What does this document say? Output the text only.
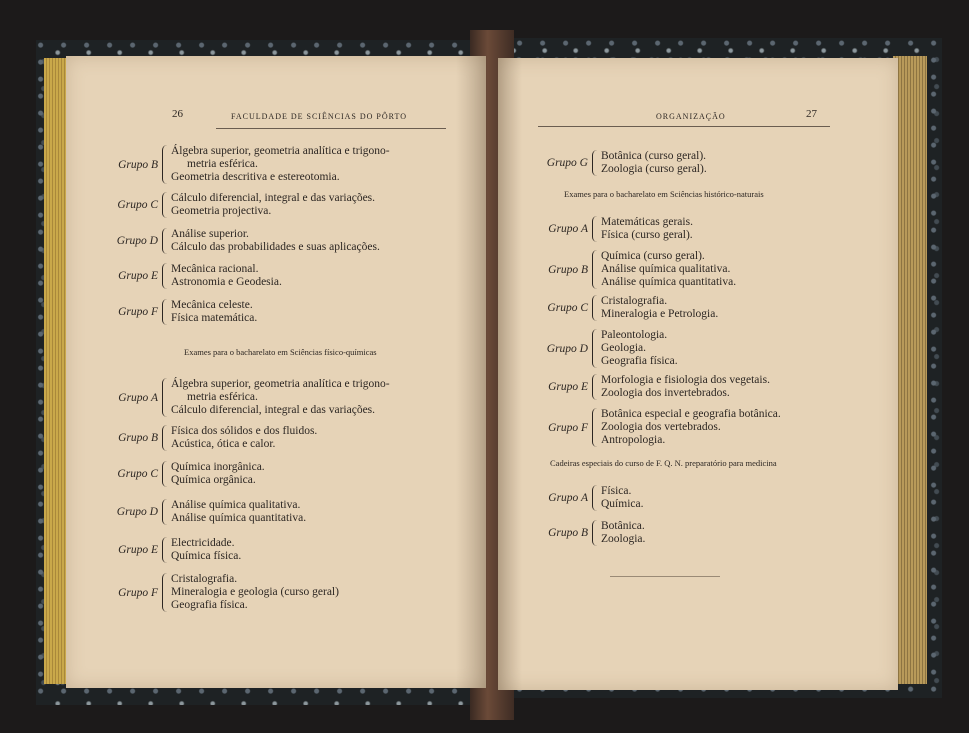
26	FACULDADE DE SCIÊNCIAS DO PÔRTO
Grupo B
Álgebra superior, geometria analítica e trigono-
metria esférica.
Geometria descritiva e estereotomia.
Grupo C
Cálculo diferencial, integral e das variações.
Geometria projectiva.
Grupo D
Análise superior.
Cálculo das probabilidades e suas aplicações.
Grupo E
Mecânica racional.
Astronomia e Geodesia.
Grupo F
Mecânica celeste.
Física matemática.
Exames para o bacharelato em Sciências físico-químicas
Grupo A
Álgebra superior, geometria analítica e trigono-
metria esférica.
Cálculo diferencial, integral e das variações.
Grupo B
Física dos sólidos e dos fluidos.
Acústica, ótica e calor.
Grupo C
Química inorgânica.
Química orgânica.
Grupo D
Análise química qualitativa.
Análise química quantitativa.
Grupo E
Electricidade.
Química física.
Grupo F
Cristalografia.
Mineralogia e geologia (curso geral)
Geografia física.
ORGANIZAÇÃO	27
Grupo G
Botânica (curso geral).
Zoologia (curso geral).
Exames para o bacharelato em Sciências histórico-naturais
Grupo A
Matemáticas gerais.
Física (curso geral).
Grupo B
Química (curso geral).
Análise química qualitativa.
Análise química quantitativa.
Grupo C
Cristalografia.
Mineralogia e Petrologia.
Grupo D
Paleontologia.
Geologia.
Geografia física.
Grupo E
Morfologia e fisiologia dos vegetais.
Zoologia dos invertebrados.
Grupo F
Botânica especial e geografia botânica.
Zoologia dos vertebrados.
Antropologia.
Cadeiras especiais do curso de F. Q. N. preparatório para medicina
Grupo A
Física.
Química.
Grupo B
Botânica.
Zoologia.
